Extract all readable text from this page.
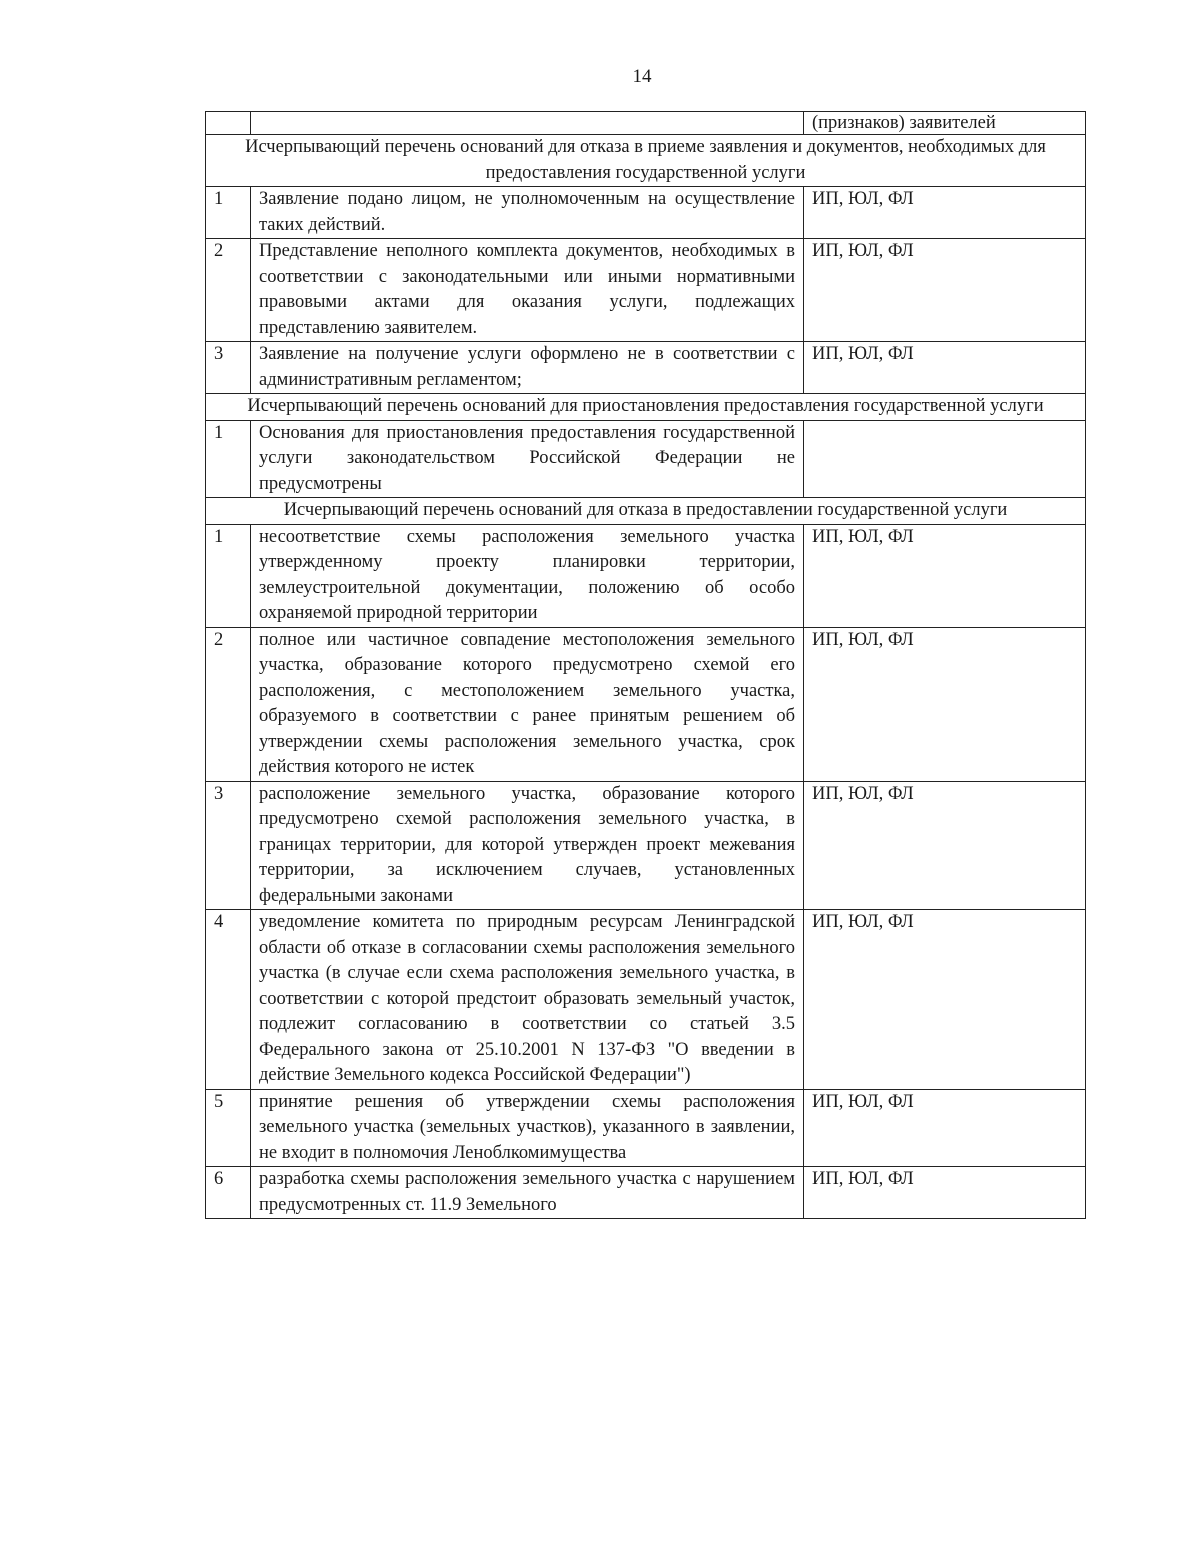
14
		(признаков) заявителей
Исчерпывающий перечень оснований для отказа в приеме заявления и документов, необходимых для предоставления государственной услуги		
1	Заявление подано лицом, не уполномоченным на осуществление таких действий.	ИП, ЮЛ, ФЛ
2	Представление неполного комплекта документов, необходимых в соответствии с законодательными или иными нормативными правовыми актами для оказания услуги, подлежащих представлению заявителем.	ИП, ЮЛ, ФЛ
3	Заявление на получение услуги оформлено не в соответствии с административным регламентом;	ИП, ЮЛ, ФЛ
Исчерпывающий перечень оснований для приостановления предоставления государственной услуги		
1	Основания для приостановления предоставления государственной услуги законодательством Российской Федерации не предусмотрены	
Исчерпывающий перечень оснований для отказа в предоставлении государственной услуги		
1	несоответствие схемы расположения земельного участка утвержденному проекту планировки территории, землеустроительной документации, положению об особо охраняемой природной территории	ИП, ЮЛ, ФЛ
2	полное или частичное совпадение местоположения земельного участка, образование которого предусмотрено схемой его расположения, с местоположением земельного участка, образуемого в соответствии с ранее принятым решением об утверждении схемы расположения земельного участка, срок действия которого не истек	ИП, ЮЛ, ФЛ
3	расположение земельного участка, образование которого предусмотрено схемой расположения земельного участка, в границах территории, для которой утвержден проект межевания территории, за исключением случаев, установленных федеральными законами	ИП, ЮЛ, ФЛ
4	уведомление комитета по природным ресурсам Ленинградской области об отказе в согласовании схемы расположения земельного участка (в случае если схема расположения земельного участка, в соответствии с которой предстоит образовать земельный участок, подлежит согласованию в соответствии со статьей 3.5 Федерального закона от 25.10.2001 N 137-ФЗ "О введении в действие Земельного кодекса Российской Федерации")	ИП, ЮЛ, ФЛ
5	принятие решения об утверждении схемы расположения земельного участка (земельных участков), указанного в заявлении, не входит в полномочия Леноблкомимущества	ИП, ЮЛ, ФЛ
6	разработка схемы расположения земельного участка с нарушением предусмотренных ст. 11.9 Земельного	ИП, ЮЛ, ФЛ
